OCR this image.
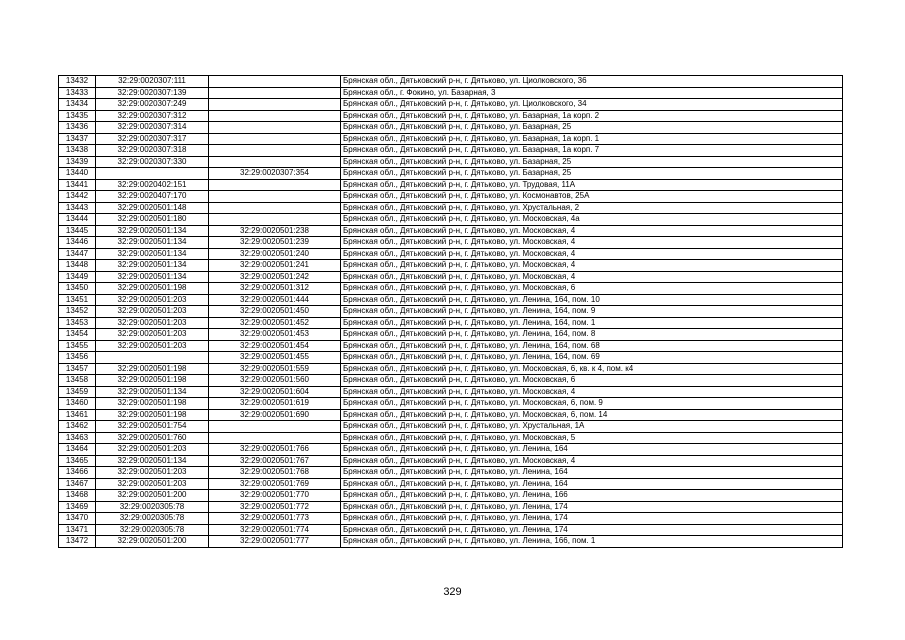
13432	32:29:0020307:111		Брянская обл., Дятьковский р-н, г. Дятьково, ул. Циолковского, 36
13433	32:29:0020307:139		Брянская обл., г. Фокино, ул. Базарная, 3
13434	32:29:0020307:249		Брянская обл., Дятьковский р-н, г. Дятьково, ул. Циолковского, 34
13435	32:29:0020307:312		Брянская обл., Дятьковский р-н, г. Дятьково, ул. Базарная, 1а корп. 2
13436	32:29:0020307:314		Брянская обл., Дятьковский р-н, г. Дятьково, ул. Базарная, 25
13437	32:29:0020307:317		Брянская обл., Дятьковский р-н, г. Дятьково, ул. Базарная, 1а корп. 1
13438	32:29:0020307:318		Брянская обл., Дятьковский р-н, г. Дятьково, ул. Базарная, 1а корп. 7
13439	32:29:0020307:330		Брянская обл., Дятьковский р-н, г. Дятьково, ул. Базарная, 25
13440		32:29:0020307:354	Брянская обл., Дятьковский р-н, г. Дятьково, ул. Базарная, 25
13441	32:29:0020402:151		Брянская обл., Дятьковский р-н, г. Дятьково, ул. Трудовая, 11А
13442	32:29:0020407:170		Брянская обл., Дятьковский р-н, г. Дятьково, ул. Космонавтов, 25А
13443	32:29:0020501:148		Брянская обл., Дятьковский р-н, г. Дятьково, ул. Хрустальная, 2
13444	32:29:0020501:180		Брянская обл., Дятьковский р-н, г. Дятьково, ул. Московская, 4а
13445	32:29:0020501:134	32:29:0020501:238	Брянская обл., Дятьковский р-н, г. Дятьково, ул. Московская, 4
13446	32:29:0020501:134	32:29:0020501:239	Брянская обл., Дятьковский р-н, г. Дятьково, ул. Московская, 4
13447	32:29:0020501:134	32:29:0020501:240	Брянская обл., Дятьковский р-н, г. Дятьково, ул. Московская, 4
13448	32:29:0020501:134	32:29:0020501:241	Брянская обл., Дятьковский р-н, г. Дятьково, ул. Московская, 4
13449	32:29:0020501:134	32:29:0020501:242	Брянская обл., Дятьковский р-н, г. Дятьково, ул. Московская, 4
13450	32:29:0020501:198	32:29:0020501:312	Брянская обл., Дятьковский р-н, г. Дятьково, ул. Московская, 6
13451	32:29:0020501:203	32:29:0020501:444	Брянская обл., Дятьковский р-н, г. Дятьково, ул. Ленина, 164, пом. 10
13452	32:29:0020501:203	32:29:0020501:450	Брянская обл., Дятьковский р-н, г. Дятьково, ул. Ленина, 164, пом. 9
13453	32:29:0020501:203	32:29:0020501:452	Брянская обл., Дятьковский р-н, г. Дятьково, ул. Ленина, 164, пом. 1
13454	32:29:0020501:203	32:29:0020501:453	Брянская обл., Дятьковский р-н, г. Дятьково, ул. Ленина, 164, пом. 8
13455	32:29:0020501:203	32:29:0020501:454	Брянская обл., Дятьковский р-н, г. Дятьково, ул. Ленина, 164, пом. 68
13456		32:29:0020501:455	Брянская обл., Дятьковский р-н, г. Дятьково, ул. Ленина, 164, пом. 69
13457	32:29:0020501:198	32:29:0020501:559	Брянская обл., Дятьковский р-н, г. Дятьково, ул. Московская, 6, кв. к 4, пом. к4
13458	32:29:0020501:198	32:29:0020501:560	Брянская обл., Дятьковский р-н, г. Дятьково, ул. Московская, 6
13459	32:29:0020501:134	32:29:0020501:604	Брянская обл., Дятьковский р-н, г. Дятьково, ул. Московская, 4
13460	32:29:0020501:198	32:29:0020501:619	Брянская обл., Дятьковский р-н, г. Дятьково, ул. Московская, 6, пом. 9
13461	32:29:0020501:198	32:29:0020501:690	Брянская обл., Дятьковский р-н, г. Дятьково, ул. Московская, 6, пом. 14
13462	32:29:0020501:754		Брянская обл., Дятьковский р-н, г. Дятьково, ул. Хрустальная, 1А
13463	32:29:0020501:760		Брянская обл., Дятьковский р-н, г. Дятьково, ул. Московская, 5
13464	32:29:0020501:203	32:29:0020501:766	Брянская обл., Дятьковский р-н, г. Дятьково, ул. Ленина, 164
13465	32:29:0020501:134	32:29:0020501:767	Брянская обл., Дятьковский р-н, г. Дятьково, ул. Московская, 4
13466	32:29:0020501:203	32:29:0020501:768	Брянская обл., Дятьковский р-н, г. Дятьково, ул. Ленина, 164
13467	32:29:0020501:203	32:29:0020501:769	Брянская обл., Дятьковский р-н, г. Дятьково, ул. Ленина, 164
13468	32:29:0020501:200	32:29:0020501:770	Брянская обл., Дятьковский р-н, г. Дятьково, ул. Ленина, 166
13469	32:29:0020305:78	32:29:0020501:772	Брянская обл., Дятьковский р-н, г. Дятьково, ул. Ленина, 174
13470	32:29:0020305:78	32:29:0020501:773	Брянская обл., Дятьковский р-н, г. Дятьково, ул. Ленина, 174
13471	32:29:0020305:78	32:29:0020501:774	Брянская обл., Дятьковский р-н, г. Дятьково, ул. Ленина, 174
13472	32:29:0020501:200	32:29:0020501:777	Брянская обл., Дятьковский р-н, г. Дятьково, ул. Ленина, 166, пом. 1
329
